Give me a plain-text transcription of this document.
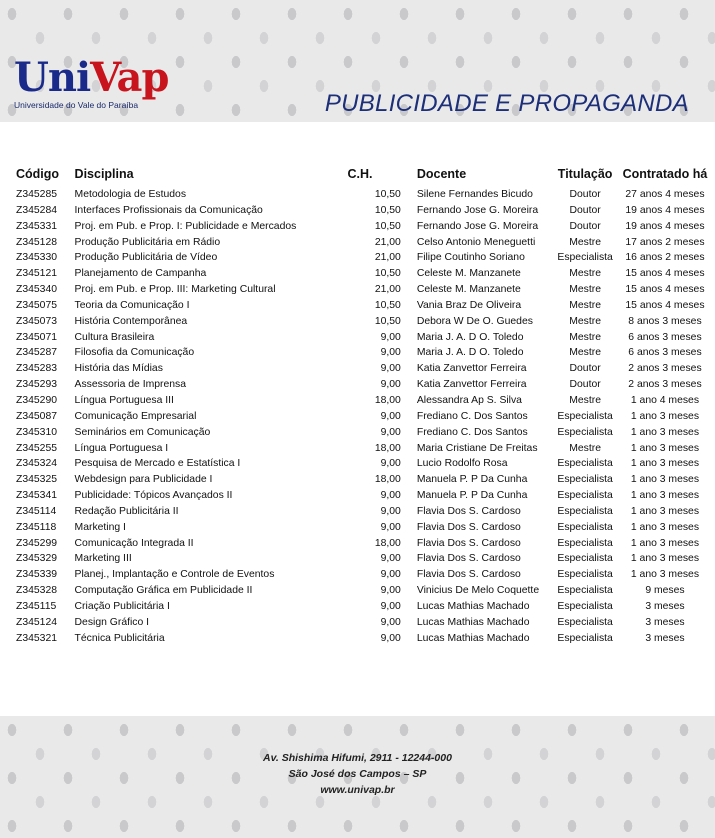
Uni Vap
Universidade do Vale do Paraíba	PUBLICIDADE E PROPAGANDA
Código	Disciplina	C.H.	Docente	Titulação	Contratado há
Z345285	Metodologia de Estudos	10,50	Silene Fernandes Bicudo	Doutor	27 anos 4 meses
Z345284	Interfaces Profissionais da Comunicação	10,50	Fernando Jose G. Moreira	Doutor	19 anos 4 meses
Z345331	Proj. em Pub. e Prop. I: Publicidade e Mercados	10,50	Fernando Jose G. Moreira	Doutor	19 anos 4 meses
Z345128	Produção Publicitária em Rádio	21,00	Celso Antonio Meneguetti	Mestre	17 anos 2 meses
Z345330	Produção Publicitária de Vídeo	21,00	Filipe Coutinho Soriano	Especialista	16 anos 2 meses
Z345121	Planejamento de Campanha	10,50	Celeste M. Manzanete	Mestre	15 anos 4 meses
Z345340	Proj. em Pub. e Prop. III: Marketing Cultural	21,00	Celeste M. Manzanete	Mestre	15 anos 4 meses
Z345075	Teoria da Comunicação I	10,50	Vania Braz De Oliveira	Mestre	15 anos 4 meses
Z345073	História Contemporânea	10,50	Debora W De O. Guedes	Mestre	8 anos 3 meses
Z345071	Cultura Brasileira	9,00	Maria J. A. D O. Toledo	Mestre	6 anos 3 meses
Z345287	Filosofia da Comunicação	9,00	Maria J. A. D O. Toledo	Mestre	6 anos 3 meses
Z345283	História das Mídias	9,00	Katia Zanvettor Ferreira	Doutor	2 anos 3 meses
Z345293	Assessoria de Imprensa	9,00	Katia Zanvettor Ferreira	Doutor	2 anos 3 meses
Z345290	Língua Portuguesa III	18,00	Alessandra Ap S. Silva	Mestre	1 ano 4 meses
Z345087	Comunicação Empresarial	9,00	Frediano C. Dos Santos	Especialista	1 ano 3 meses
Z345310	Seminários em Comunicação	9,00	Frediano C. Dos Santos	Especialista	1 ano 3 meses
Z345255	Língua Portuguesa I	18,00	Maria Cristiane De Freitas	Mestre	1 ano 3 meses
Z345324	Pesquisa de Mercado e Estatística I	9,00	Lucio Rodolfo Rosa	Especialista	1 ano 3 meses
Z345325	Webdesign para Publicidade I	18,00	Manuela P. P Da Cunha	Especialista	1 ano 3 meses
Z345341	Publicidade: Tópicos Avançados II	9,00	Manuela P. P Da Cunha	Especialista	1 ano 3 meses
Z345114	Redação Publicitária II	9,00	Flavia Dos S. Cardoso	Especialista	1 ano 3 meses
Z345118	Marketing I	9,00	Flavia Dos S. Cardoso	Especialista	1 ano 3 meses
Z345299	Comunicação Integrada II	18,00	Flavia Dos S. Cardoso	Especialista	1 ano 3 meses
Z345329	Marketing III	9,00	Flavia Dos S. Cardoso	Especialista	1 ano 3 meses
Z345339	Planej., Implantação e Controle de Eventos	9,00	Flavia Dos S. Cardoso	Especialista	1 ano 3 meses
Z345328	Computação Gráfica em Publicidade II	9,00	Vinicius De Melo Coquette	Especialista	9 meses
Z345115	Criação Publicitária I	9,00	Lucas Mathias Machado	Especialista	3 meses
Z345124	Design Gráfico I	9,00	Lucas Mathias Machado	Especialista	3 meses
Z345321	Técnica Publicitária	9,00	Lucas Mathias Machado	Especialista	3 meses
Av. Shishima Hifumi, 2911 - 12244-000
São José dos Campos – SP
www.univap.br
